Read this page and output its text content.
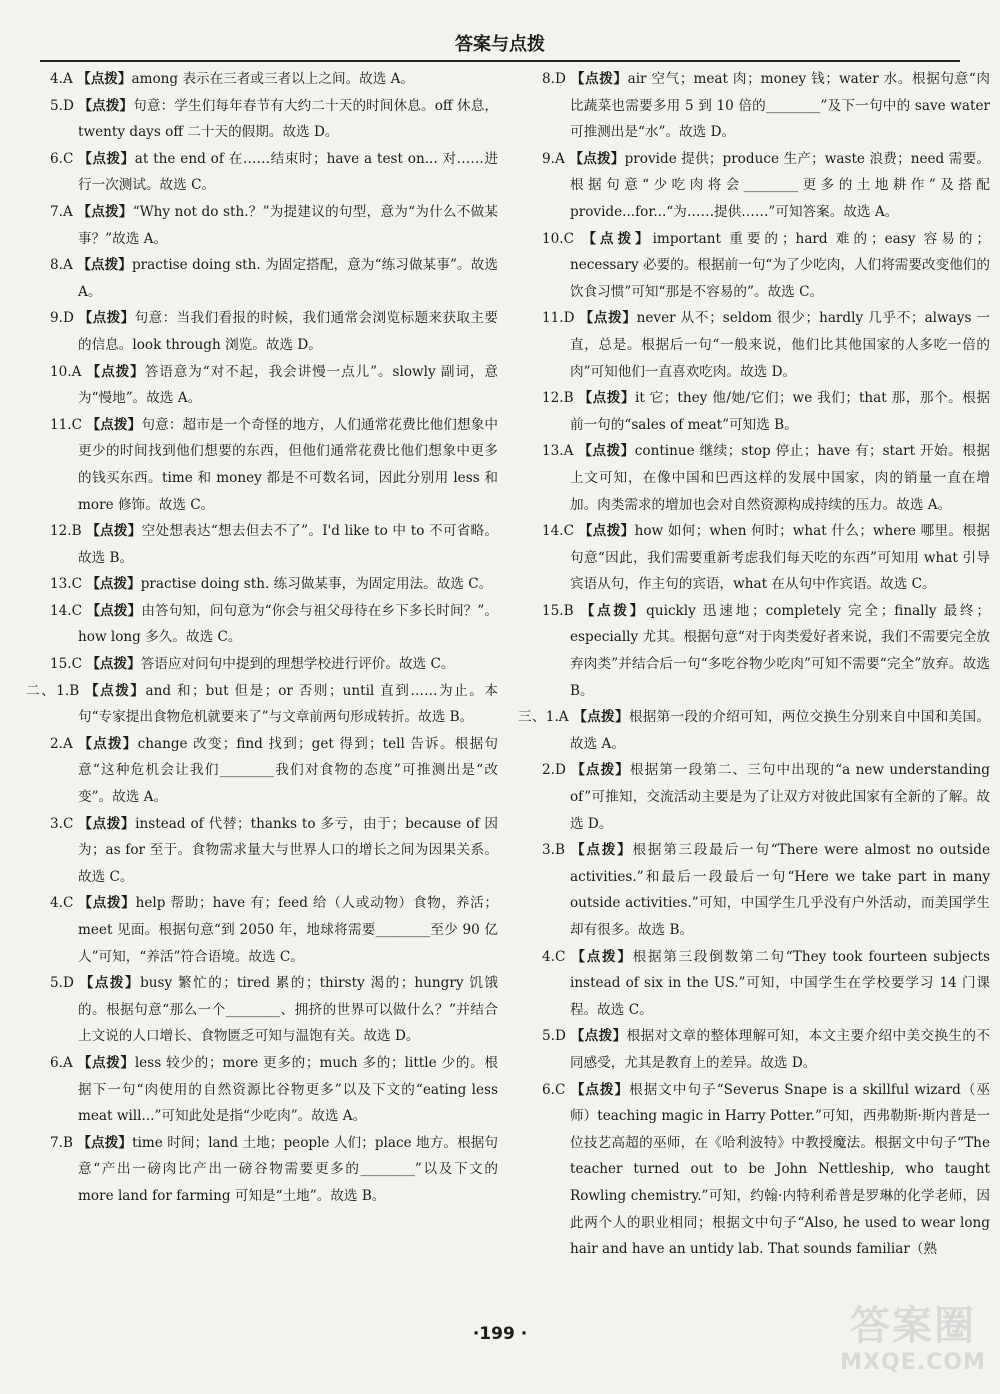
答案与点拨
4.A 【点拨】among 表示在三者或三者以上之间。故选 A。
5.D 【点拨】句意：学生们每年春节有大约二十天的时间休息。off 休息，twenty days off 二十天的假期。故选 D。
6.C 【点拨】at the end of 在……结束时；have a test on... 对……进行一次测试。故选 C。
7.A 【点拨】“Why not do sth.？”为提建议的句型，意为“为什么不做某事？”故选 A。
8.A 【点拨】practise doing sth. 为固定搭配，意为“练习做某事”。故选 A。
9.D 【点拨】句意：当我们看报的时候，我们通常会浏览标题来获取主要的信息。look through 浏览。故选 D。
10.A 【点拨】答语意为“对不起，我会讲慢一点儿”。slowly 副词，意为“慢地”。故选 A。
11.C 【点拨】句意：超市是一个奇怪的地方，人们通常花费比他们想象中更少的时间找到他们想要的东西，但他们通常花费比他们想象中更多的钱买东西。time 和 money 都是不可数名词，因此分别用 less 和 more 修饰。故选 C。
12.B 【点拨】空处想表达“想去但去不了”。I'd like to 中 to 不可省略。故选 B。
13.C 【点拨】practise doing sth. 练习做某事，为固定用法。故选 C。
14.C 【点拨】由答句知，问句意为“你会与祖父母待在乡下多长时间？”。how long 多久。故选 C。
15.C 【点拨】答语应对问句中提到的理想学校进行评价。故选 C。
二、1.B 【点拨】and 和；but 但是；or 否则；until 直到……为止。本句“专家提出食物危机就要来了”与文章前两句形成转折。故选 B。
2.A 【点拨】change 改变；find 找到；get 得到；tell 告诉。根据句意“这种危机会让我们________我们对食物的态度”可推测出是“改变”。故选 A。
3.C 【点拨】instead of 代替；thanks to 多亏，由于；because of 因为；as for 至于。食物需求量大与世界人口的增长之间为因果关系。故选 C。
4.C 【点拨】help 帮助；have 有；feed 给（人或动物）食物，养活；meet 见面。根据句意“到 2050 年，地球将需要________至少 90 亿人”可知，“养活”符合语境。故选 C。
5.D 【点拨】busy 繁忙的；tired 累的；thirsty 渴的；hungry 饥饿的。根据句意“那么一个________、拥挤的世界可以做什么？”并结合上文说的人口增长、食物匮乏可知与温饱有关。故选 D。
6.A 【点拨】less 较少的；more 更多的；much 多的；little 少的。根据下一句“肉使用的自然资源比谷物更多”以及下文的“eating less meat will...”可知此处是指“少吃肉”。故选 A。
7.B 【点拨】time 时间；land 土地；people 人们；place 地方。根据句意“产出一磅肉比产出一磅谷物需要更多的________”以及下文的 more land for farming 可知是“土地”。故选 B。
8.D 【点拨】air 空气；meat 肉；money 钱；water 水。根据句意“肉比蔬菜也需要多用 5 到 10 倍的________”及下一句中的 save water 可推测出是“水”。故选 D。
9.A 【点拨】provide 提供；produce 生产；waste 浪费；need 需要。根据句意“少吃肉将会________更多的土地耕作”及搭配 provide...for...“为……提供……”可知答案。故选 A。
10.C 【点拨】important 重要的；hard 难的；easy 容易的；necessary 必要的。根据前一句“为了少吃肉，人们将需要改变他们的饮食习惯”可知“那是不容易的”。故选 C。
11.D 【点拨】never 从不；seldom 很少；hardly 几乎不；always 一直，总是。根据后一句“一般来说，他们比其他国家的人多吃一倍的肉”可知他们一直喜欢吃肉。故选 D。
12.B 【点拨】it 它；they 他/她/它们；we 我们；that 那，那个。根据前一句的“sales of meat”可知选 B。
13.A 【点拨】continue 继续；stop 停止；have 有；start 开始。根据上文可知，在像中国和巴西这样的发展中国家，肉的销量一直在增加。肉类需求的增加也会对自然资源构成持续的压力。故选 A。
14.C 【点拨】how 如何；when 何时；what 什么；where 哪里。根据句意“因此，我们需要重新考虑我们每天吃的东西”可知用 what 引导宾语从句，作主句的宾语，what 在从句中作宾语。故选 C。
15.B 【点拨】quickly 迅速地；completely 完全；finally 最终；especially 尤其。根据句意“对于肉类爱好者来说，我们不需要完全放弃肉类”并结合后一句“多吃谷物少吃肉”可知不需要“完全”放弃。故选 B。
三、1.A 【点拨】根据第一段的介绍可知，两位交换生分别来自中国和美国。故选 A。
2.D 【点拨】根据第一段第二、三句中出现的“a new understanding of”可推知，交流活动主要是为了让双方对彼此国家有全新的了解。故选 D。
3.B 【点拨】根据第三段最后一句“There were almost no outside activities.”和最后一段最后一句“Here we take part in many outside activities.”可知，中国学生几乎没有户外活动，而美国学生却有很多。故选 B。
4.C 【点拨】根据第三段倒数第二句“They took fourteen subjects instead of six in the US.”可知，中国学生在学校要学习 14 门课程。故选 C。
5.D 【点拨】根据对文章的整体理解可知，本文主要介绍中美交换生的不同感受，尤其是教育上的差异。故选 D。
6.C 【点拨】根据文中句子“Severus Snape is a skillful wizard（巫师）teaching magic in Harry Potter.”可知，西弗勒斯·斯内普是一位技艺高超的巫师，在《哈利波特》中教授魔法。根据文中句子“The teacher turned out to be John Nettleship, who taught Rowling chemistry.”可知，约翰·内特利希普是罗琳的化学老师，因此两个人的职业相同；根据文中句子“Also, he used to wear long hair and have an untidy lab. That sounds familiar（熟
·199 ·	答案圈
MXQE.COM
